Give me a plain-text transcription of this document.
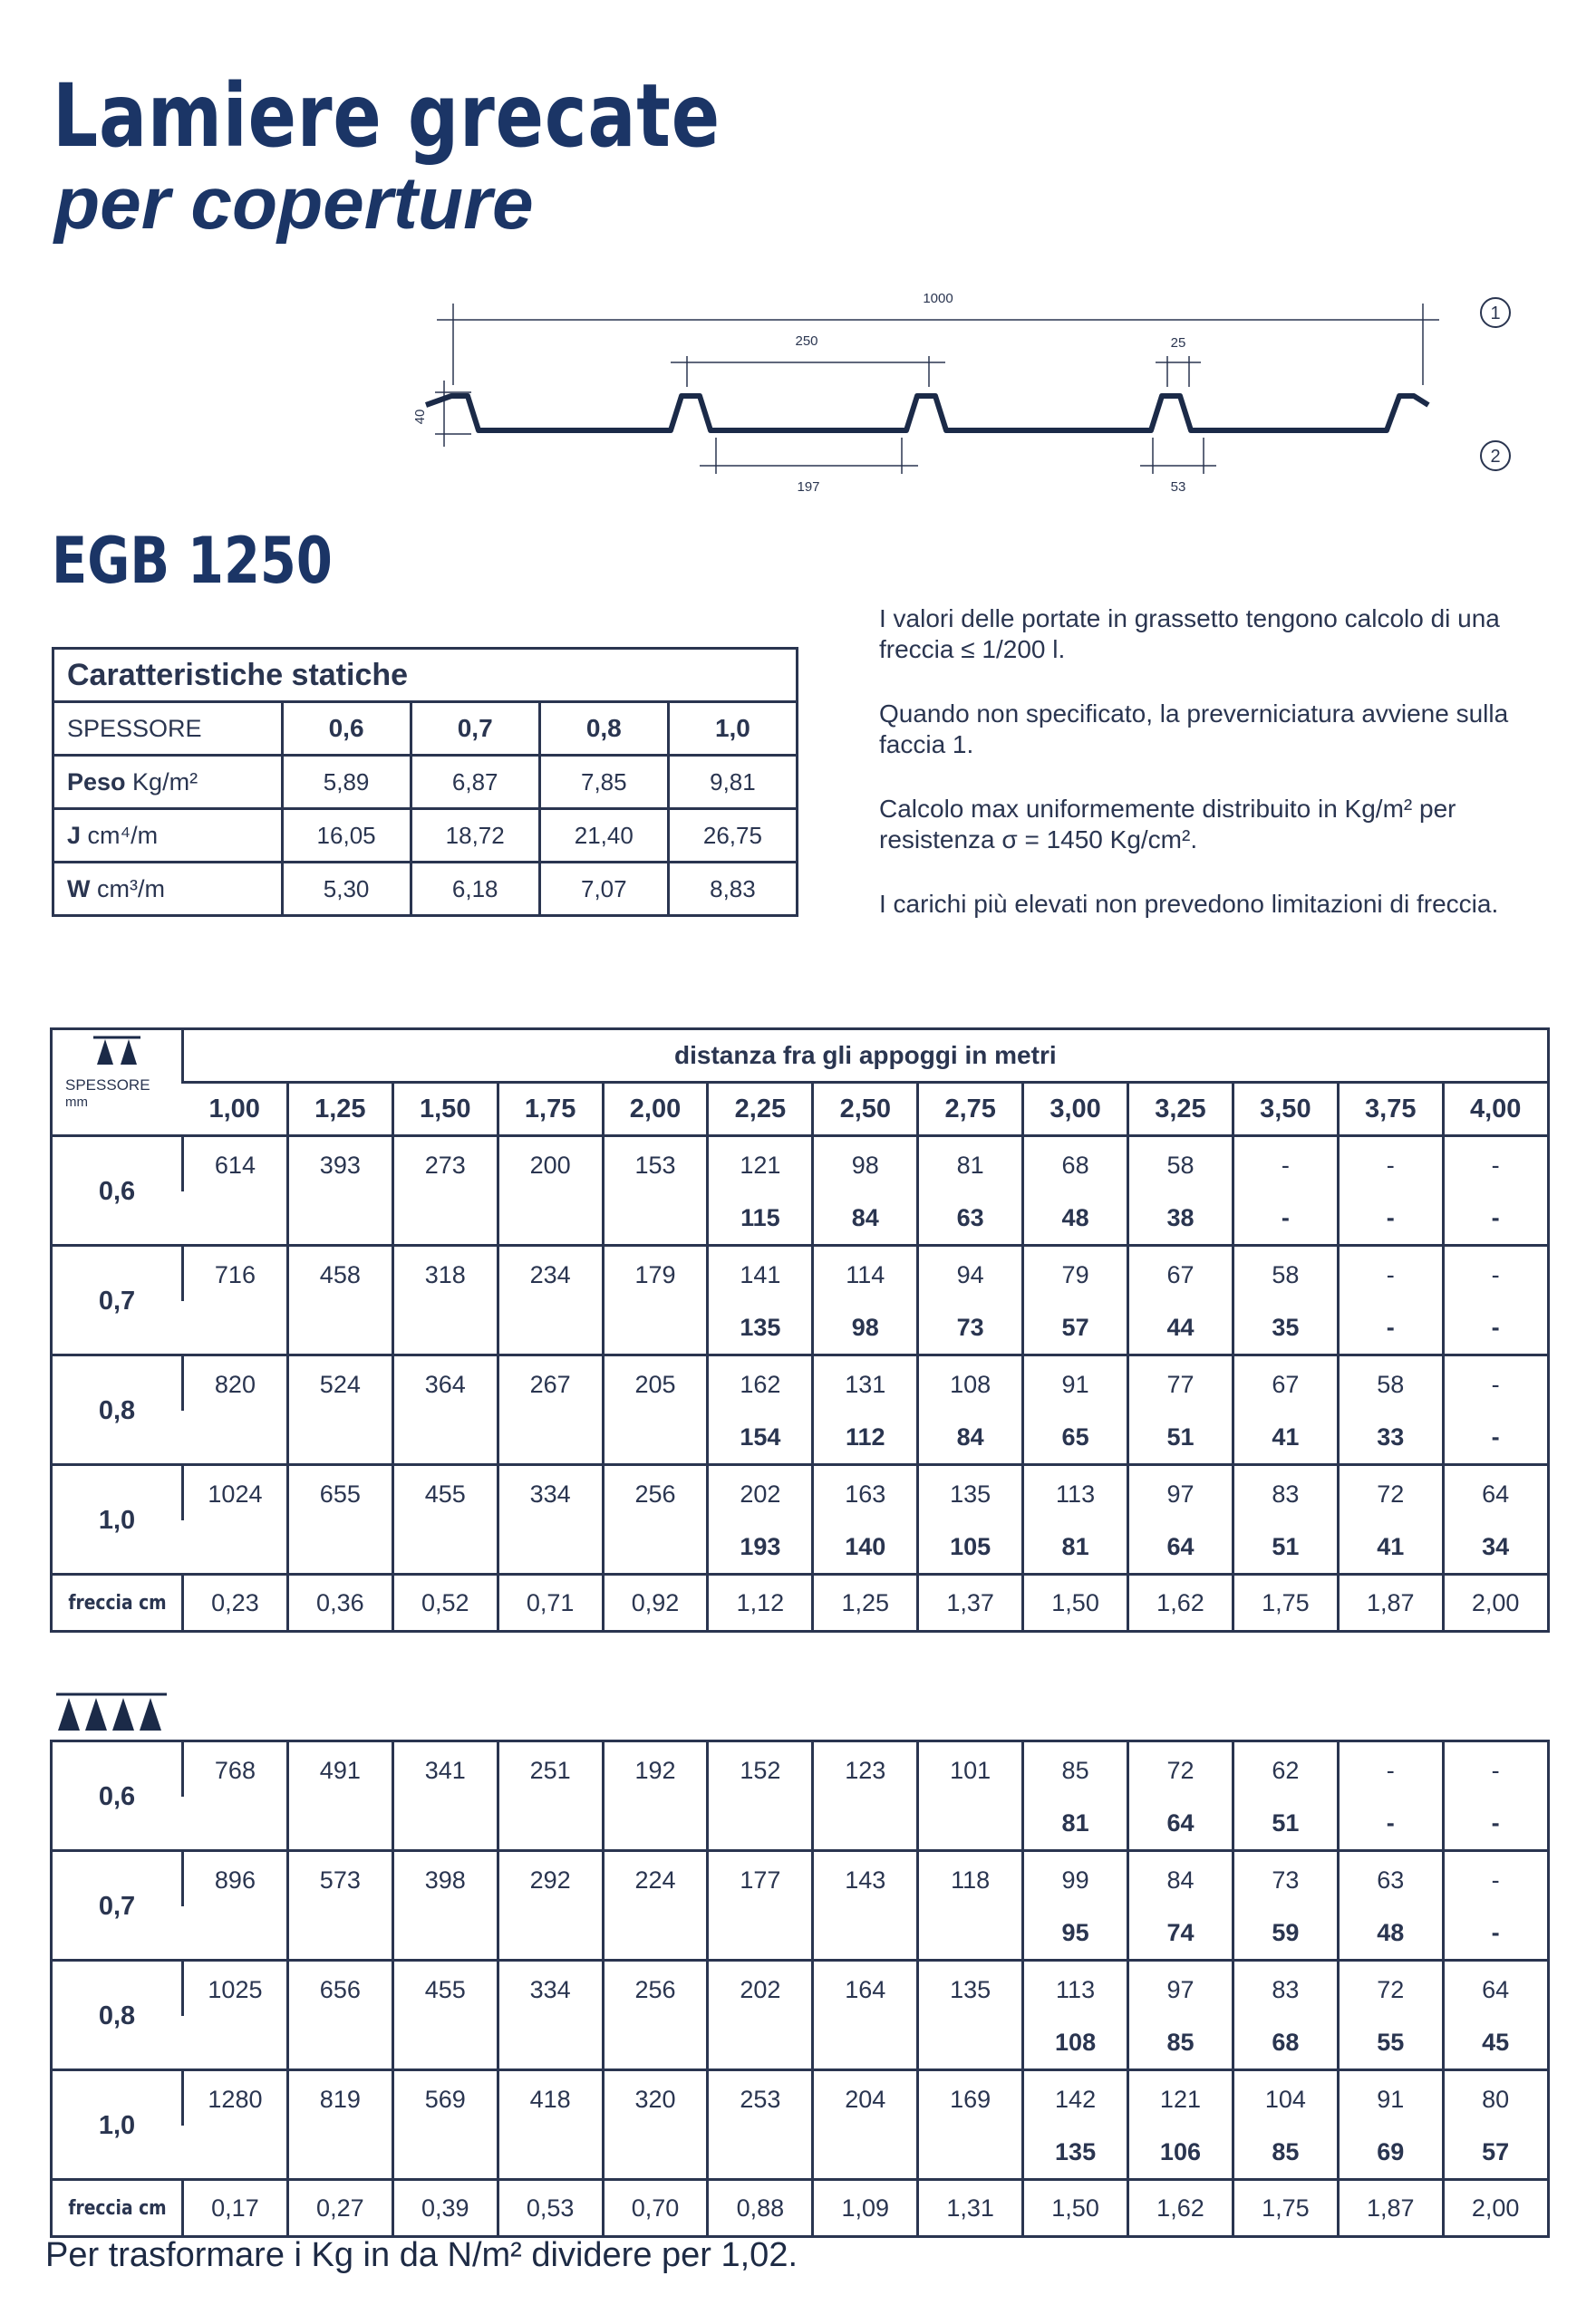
Lamiere grecate
per coperture
1000
250	25
40
197	53
1
2
EGB 1250
Caratteristiche statiche				
SPESSORE	0,6	0,7	0,8	1,0
Peso Kg/m²	5,89	6,87	7,85	9,81
J cm⁴/m	16,05	18,72	21,40	26,75
W cm³/m	5,30	6,18	7,07	8,83

I valori delle portate in grassetto tengono calcolo di una freccia ≤ 1/200 l.

Quando non specificato, la preverniciatura avviene sulla faccia 1.

Calcolo max uniformemente distribuito in Kg/m² per resistenza σ = 1450 Kg/cm².

I carichi più elevati non prevedono limitazioni di freccia.

SPESSORE
mm	distanza fra gli appoggi in metri												
	1,00	1,25	1,50	1,75	2,00	2,25	2,50	2,75	3,00	3,25	3,50	3,75	4,00
0,6	614	393	273	200	153	121	98	81	68	58	-	-	-
						115	84	63	48	38	-	-	-
0,7	716	458	318	234	179	141	114	94	79	67	58	-	-
						135	98	73	57	44	35	-	-
0,8	820	524	364	267	205	162	131	108	91	77	67	58	-
						154	112	84	65	51	41	33	-
1,0	1024	655	455	334	256	202	163	135	113	97	83	72	64
						193	140	105	81	64	51	41	34
freccia cm	0,23	0,36	0,52	0,71	0,92	1,12	1,25	1,37	1,50	1,62	1,75	1,87	2,00
0,6	768	491	341	251	192	152	123	101	85	72	62	-	-
									81	64	51	-	-
0,7	896	573	398	292	224	177	143	118	99	84	73	63	-
									95	74	59	48	-
0,8	1025	656	455	334	256	202	164	135	113	97	83	72	64
									108	85	68	55	45
1,0	1280	819	569	418	320	253	204	169	142	121	104	91	80
									135	106	85	69	57
freccia cm	0,17	0,27	0,39	0,53	0,70	0,88	1,09	1,31	1,50	1,62	1,75	1,87	2,00

Per trasformare i Kg in da N/m² dividere per 1,02.
